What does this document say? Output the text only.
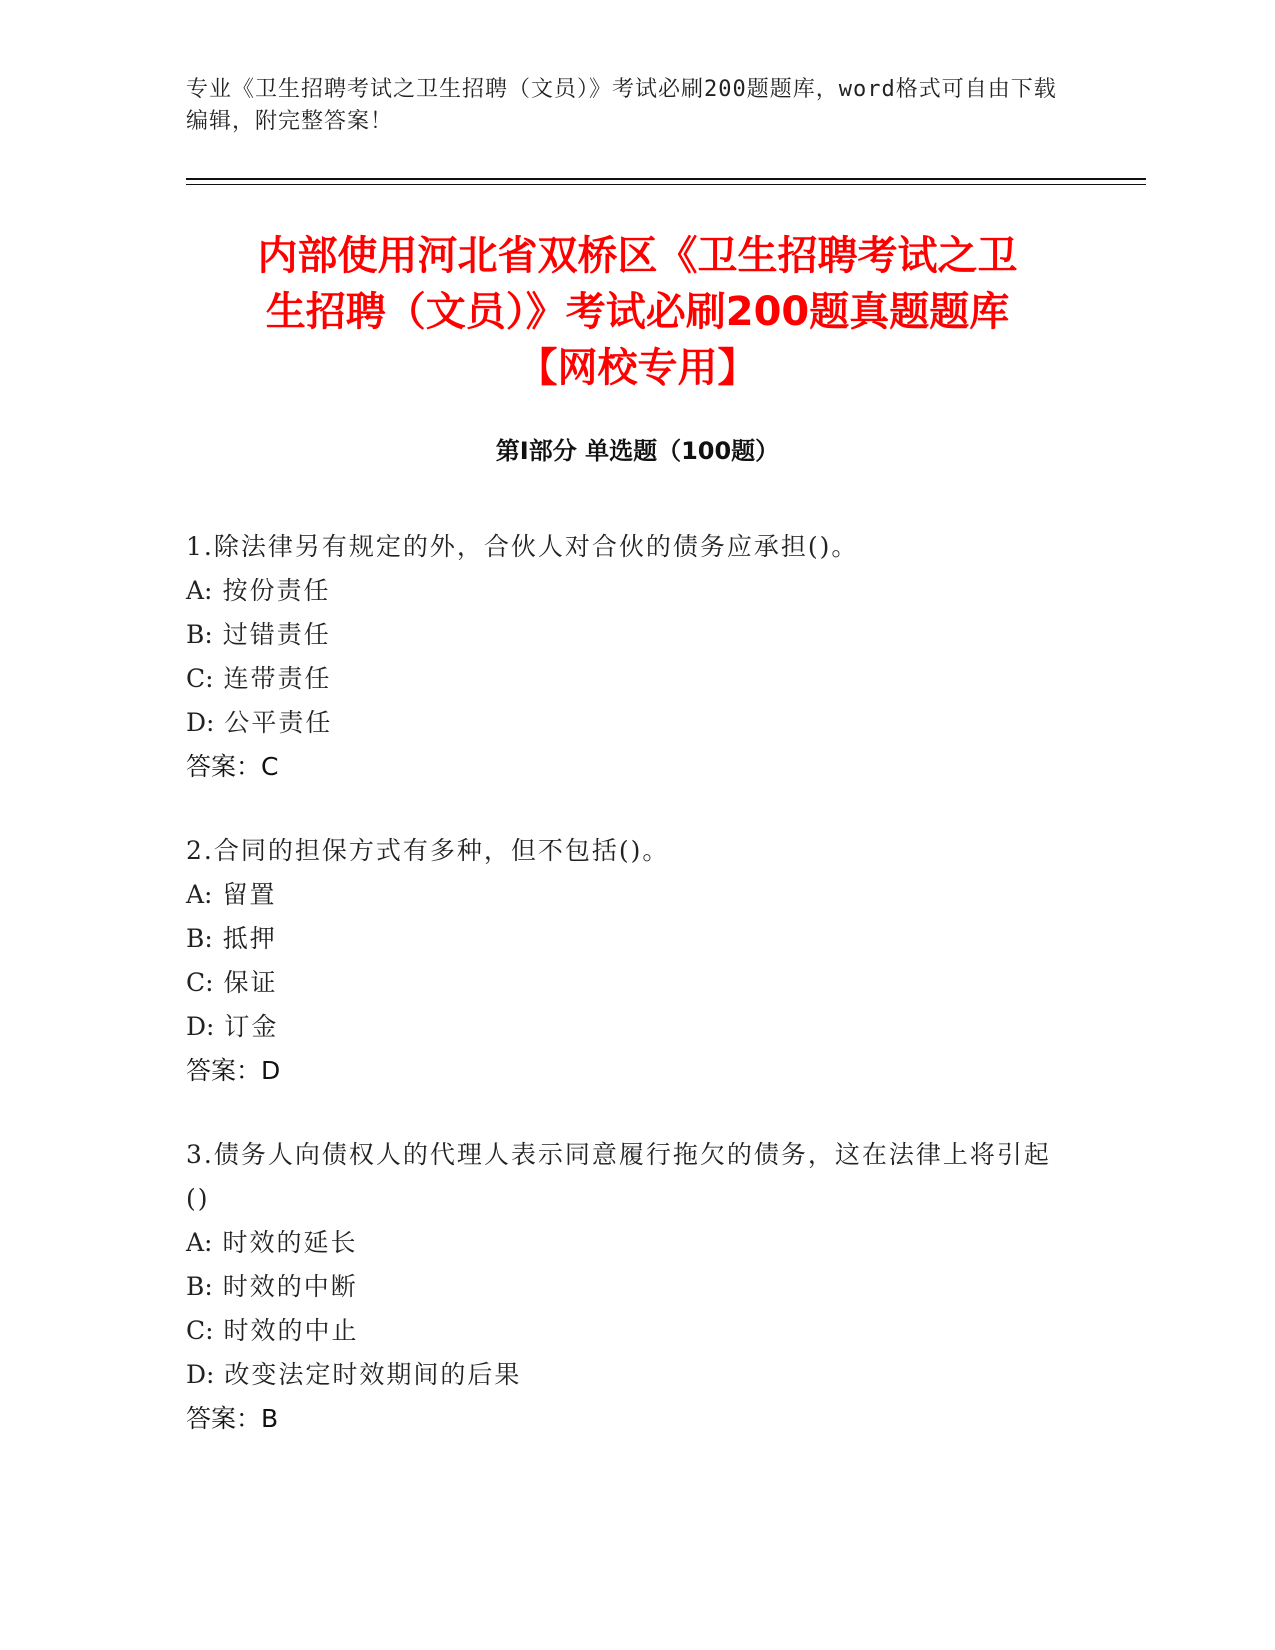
专业《卫生招聘考试之卫生招聘（文员）》考试必刷200题题库，word格式可自由下载编辑，附完整答案！
内部使用河北省双桥区《卫生招聘考试之卫
生招聘（文员）》考试必刷200题真题题库
【网校专用】
第Ⅰ部分 单选题（100题）
1.除法律另有规定的外，合伙人对合伙的债务应承担()。
A: 按份责任
B: 过错责任
C: 连带责任
D: 公平责任
答案：C
2.合同的担保方式有多种，但不包括()。
A: 留置
B: 抵押
C: 保证
D: 订金
答案：D
3.债务人向债权人的代理人表示同意履行拖欠的债务，这在法律上将引起()
A: 时效的延长
B: 时效的中断
C: 时效的中止
D: 改变法定时效期间的后果
答案：B
